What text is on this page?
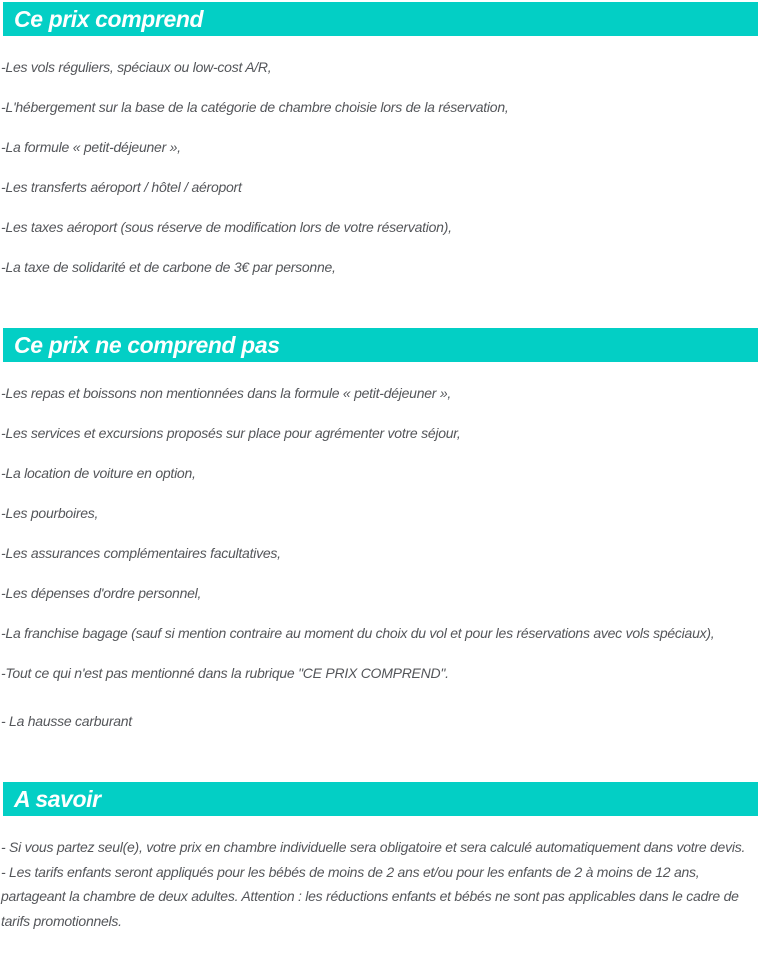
Ce prix comprend

-Les vols réguliers, spéciaux ou low-cost A/R,

-L'hébergement sur la base de la catégorie de chambre choisie lors de la réservation,

-La formule « petit-déjeuner »,

-Les transferts aéroport / hôtel / aéroport

-Les taxes aéroport (sous réserve de modification lors de votre réservation),

-La taxe de solidarité et de carbone de 3€ par personne,

Ce prix ne comprend pas

-Les repas et boissons non mentionnées dans la formule « petit-déjeuner »,

-Les services et excursions proposés sur place pour agrémenter votre séjour,

-La location de voiture en option,

-Les pourboires,

-Les assurances complémentaires facultatives,

-Les dépenses d'ordre personnel,

-La franchise bagage (sauf si mention contraire au moment du choix du vol et pour les réservations avec vols spéciaux),

-Tout ce qui n'est pas mentionné dans la rubrique "CE PRIX COMPREND".

- La hausse carburant

A savoir

- Si vous partez seul(e), votre prix en chambre individuelle sera obligatoire et sera calculé automatiquement dans votre devis.

- Les tarifs enfants seront appliqués pour les bébés de moins de 2 ans et/ou pour les enfants de 2 à moins de 12 ans, partageant la chambre de deux adultes. Attention : les réductions enfants et bébés ne sont pas applicables dans le cadre de tarifs promotionnels.
